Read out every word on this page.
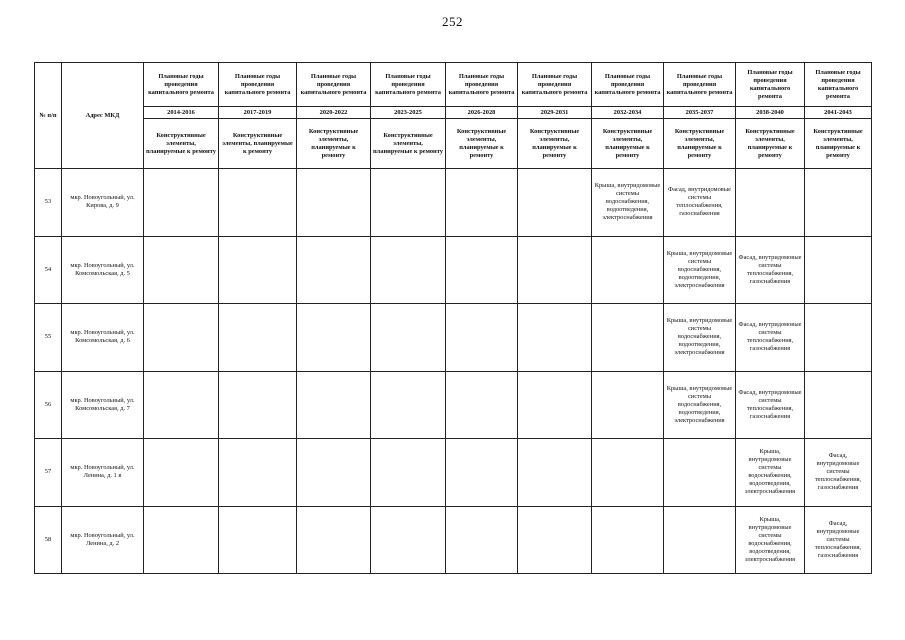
252
№ п/п	Адрес МКД	Плановые годы проведения капитального ремонта	Плановые годы проведения капитального ремонта	Плановые годы проведения капитального ремонта	Плановые годы проведения капитального ремонта	Плановые годы проведения капитального ремонта	Плановые годы проведения капитального ремонта	Плановые годы проведения капитального ремонта	Плановые годы проведения капитального ремонта	Плановые годы проведения капитального ремонта	Плановые годы проведения капитального ремонта
		2014-2016	2017-2019	2020-2022	2023-2025	2026-2028	2029-2031	2032-2034	2035-2037	2038-2040	2041-2043
		Конструктивные элементы, планируемые к ремонту	Конструктивные элементы, планируемые к ремонту	Конструктивные элементы, планируемые к ремонту	Конструктивные элементы, планируемые к ремонту	Конструктивные элементы, планируемые к ремонту	Конструктивные элементы, планируемые к ремонту	Конструктивные элементы, планируемые к ремонту	Конструктивные элементы, планируемые к ремонту	Конструктивные элементы, планируемые к ремонту	Конструктивные элементы, планируемые к ремонту
53	мкр. Новоугольный, ул. Кирова, д. 9							Крыша, внутридомовые системы водоснабжения, водоотведения, электроснабжения	Фасад, внутридомовые системы теплоснабжения, газоснабжения		
54	мкр. Новоугольный, ул. Комсомольская, д. 5								Крыша, внутридомовые системы водоснабжения, водоотведения, электроснабжения	Фасад, внутридомовые системы теплоснабжения, газоснабжения	
55	мкр. Новоугольный, ул. Комсомольская, д. 6								Крыша, внутридомовые системы водоснабжения, водоотведения, электроснабжения	Фасад, внутридомовые системы теплоснабжения, газоснабжения	
56	мкр. Новоугольный, ул. Комсомольская, д. 7								Крыша, внутридомовые системы водоснабжения, водоотведения, электроснабжения	Фасад, внутридомовые системы теплоснабжения, газоснабжения	
57	мкр. Новоугольный, ул. Ленина, д. 1 в									Крыша, внутридомовые системы водоснабжения, водоотведения, электроснабжения	Фасад, внутридомовые системы теплоснабжения, газоснабжения
58	мкр. Новоугольный, ул. Ленина, д. 2									Крыша, внутридомовые системы водоснабжения, водоотведения, электроснабжения	Фасад, внутридомовые системы теплоснабжения, газоснабжения
